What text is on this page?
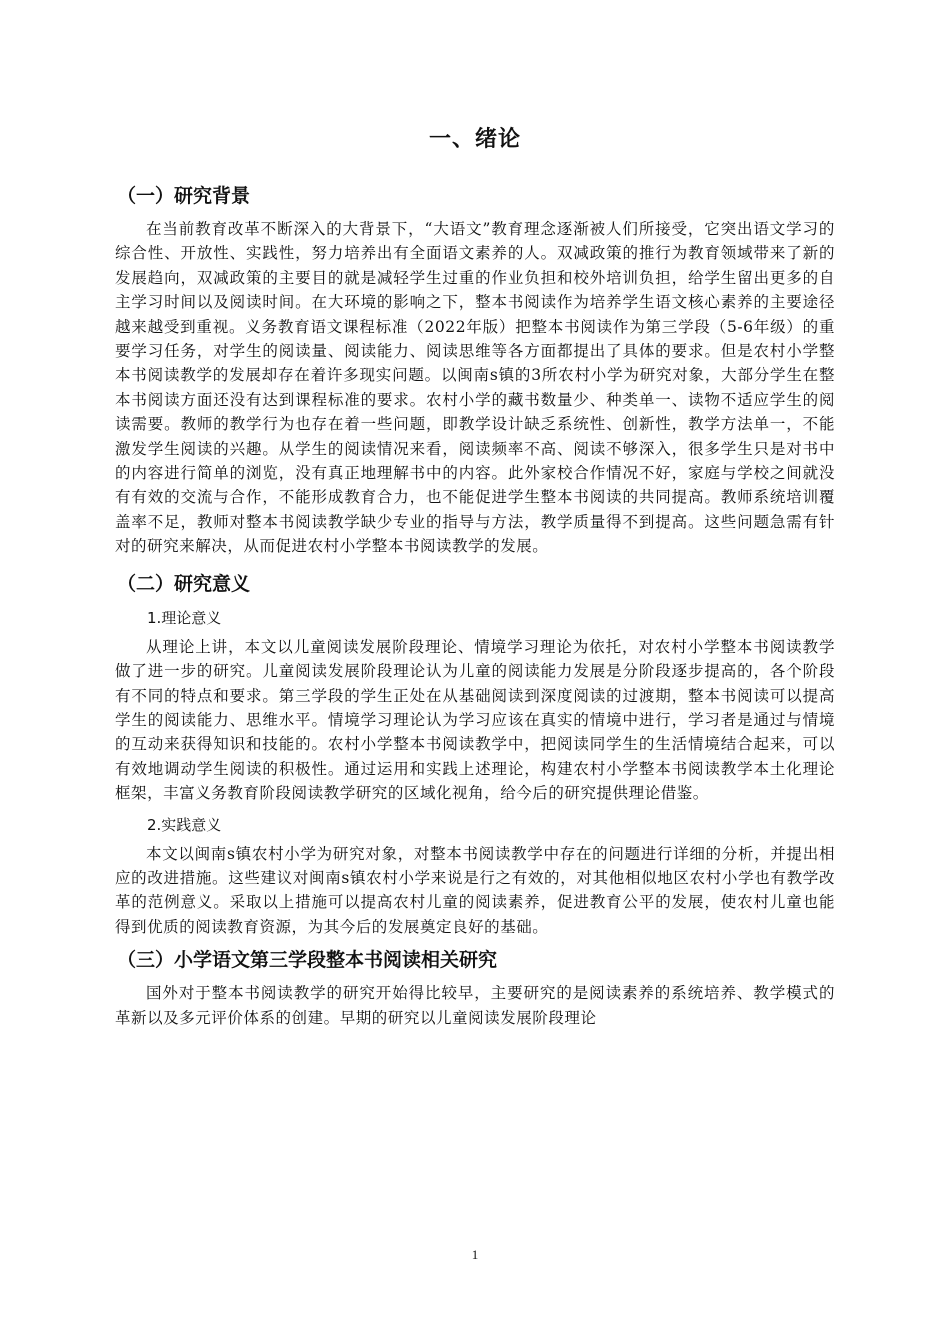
一、绪论
（一）研究背景

在当前教育改革不断深入的大背景下，“大语文”教育理念逐渐被人们所接受，它突出语文学习的综合性、开放性、实践性，努力培养出有全面语文素养的人。双减政策的推行为教育领域带来了新的发展趋向，双减政策的主要目的就是减轻学生过重的作业负担和校外培训负担，给学生留出更多的自主学习时间以及阅读时间。在大环境的影响之下，整本书阅读作为培养学生语文核心素养的主要途径越来越受到重视。义务教育语文课程标准（2022年版）把整本书阅读作为第三学段（5-6年级）的重要学习任务，对学生的阅读量、阅读能力、阅读思维等各方面都提出了具体的要求。但是农村小学整本书阅读教学的发展却存在着许多现实问题。以闽南s镇的3所农村小学为研究对象，大部分学生在整本书阅读方面还没有达到课程标准的要求。农村小学的藏书数量少、种类单一、读物不适应学生的阅读需要。教师的教学行为也存在着一些问题，即教学设计缺乏系统性、创新性，教学方法单一，不能激发学生阅读的兴趣。从学生的阅读情况来看，阅读频率不高、阅读不够深入，很多学生只是对书中的内容进行简单的浏览，没有真正地理解书中的内容。此外家校合作情况不好，家庭与学校之间就没有有效的交流与合作，不能形成教育合力，也不能促进学生整本书阅读的共同提高。教师系统培训覆盖率不足，教师对整本书阅读教学缺少专业的指导与方法，教学质量得不到提高。这些问题急需有针对的研究来解决，从而促进农村小学整本书阅读教学的发展。

（二）研究意义
1.理论意义

从理论上讲，本文以儿童阅读发展阶段理论、情境学习理论为依托，对农村小学整本书阅读教学做了进一步的研究。儿童阅读发展阶段理论认为儿童的阅读能力发展是分阶段逐步提高的，各个阶段有不同的特点和要求。第三学段的学生正处在从基础阅读到深度阅读的过渡期，整本书阅读可以提高学生的阅读能力、思维水平。情境学习理论认为学习应该在真实的情境中进行，学习者是通过与情境的互动来获得知识和技能的。农村小学整本书阅读教学中，把阅读同学生的生活情境结合起来，可以有效地调动学生阅读的积极性。通过运用和实践上述理论，构建农村小学整本书阅读教学本土化理论框架，丰富义务教育阶段阅读教学研究的区域化视角，给今后的研究提供理论借鉴。

2.实践意义

本文以闽南s镇农村小学为研究对象，对整本书阅读教学中存在的问题进行详细的分析，并提出相应的改进措施。这些建议对闽南s镇农村小学来说是行之有效的，对其他相似地区农村小学也有教学改革的范例意义。采取以上措施可以提高农村儿童的阅读素养，促进教育公平的发展，使农村儿童也能得到优质的阅读教育资源，为其今后的发展奠定良好的基础。

（三）小学语文第三学段整本书阅读相关研究

国外对于整本书阅读教学的研究开始得比较早，主要研究的是阅读素养的系统培养、教学模式的革新以及多元评价体系的创建。早期的研究以儿童阅读发展阶段理论

1
